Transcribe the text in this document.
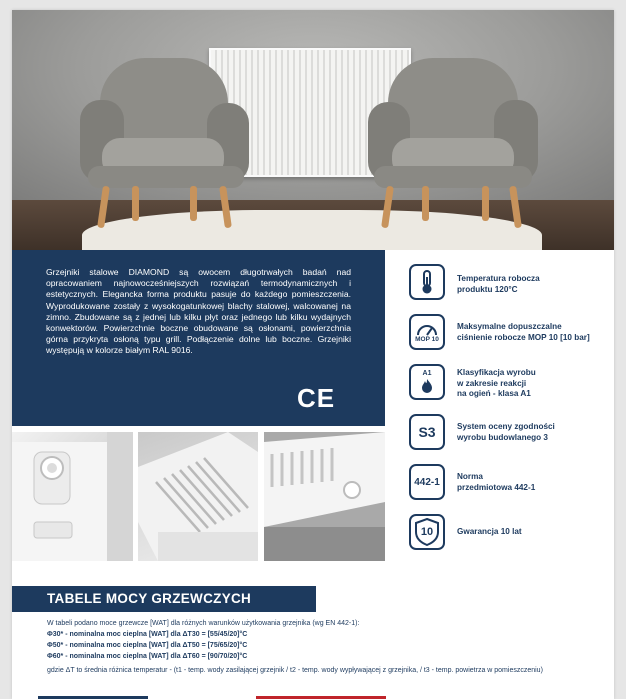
Grzejniki stalowe DIAMOND są owocem długotrwałych badań nad opracowaniem najnowocześniejszych rozwiązań termodynamicznych i estetycznych. Elegancka forma produktu pasuje do każdego pomieszczenia. Wyprodukowane zostały z wysokogatunkowej blachy stalowej, walcowanej na zimno. Zbudowane są z jednej lub kilku płyt oraz jednego lub kilku wydajnych konwektorów. Powierzchnie boczne obudowane są osłonami, powierzchnia górna przykryta osłoną typu grill. Podłączenie dolne lub boczne. Grzejniki występują w kolorze białym RAL 9016.

CE
Temperatura robocza
produktu 120°C
MOP 10
Maksymalne dopuszczalne
ciśnienie robocze MOP 10 [10 bar]
A1	Klasyfikacja wyrobu
w zakresie reakcji
na ogień - klasa A1
S3	System oceny zgodności
wyrobu budowlanego 3
442-1 Norma
przedmiotowa 442-1
10	Gwarancja 10 lat
TABELE MOCY GRZEWCZYCH
W tabeli podano moce grzewcze [WAT] dla różnych warunków użytkowania grzejnika (wg EN 442-1):
Φ30* - nominalna moc cieplna [WAT] dla ΔT30 = [55/45/20]°C
Φ50* - nominalna moc cieplna [WAT] dla ΔT50 = [75/65/20]°C
Φ60* - nominalna moc cieplna [WAT] dla ΔT60 = [90/70/20]°C
gdzie ΔT to średnia różnica temperatur - (t1 - temp. wody zasilającej grzejnik / t2 - temp. wody wypływającej z grzejnika, / t3 - temp. powietrza w pomieszczeniu)
